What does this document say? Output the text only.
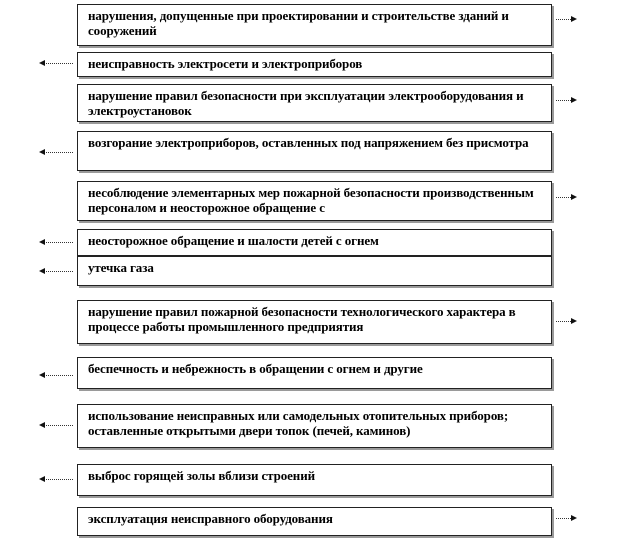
нарушения, допущенные при проектировании и строительстве зданий и сооружений
неисправность электросети и электроприборов
нарушение правил безопасности при эксплуатации электрооборудования и электроустановок
возгорание электроприборов, оставленных под напряжением без присмотра
несоблюдение элементарных мер пожарной безопасности производственным персоналом и неосторожное обращение с
неосторожное обращение и шалости детей с огнем
утечка газа
нарушение правил пожарной безопасности технологического характера в процессе работы промышленного предприятия
беспечность и небрежность в обращении с огнем и другие
использование неисправных или самодельных отопительных приборов; оставленные открытыми двери топок (печей, каминов)
выброс горящей золы вблизи строений
эксплуатация неисправного оборудования
